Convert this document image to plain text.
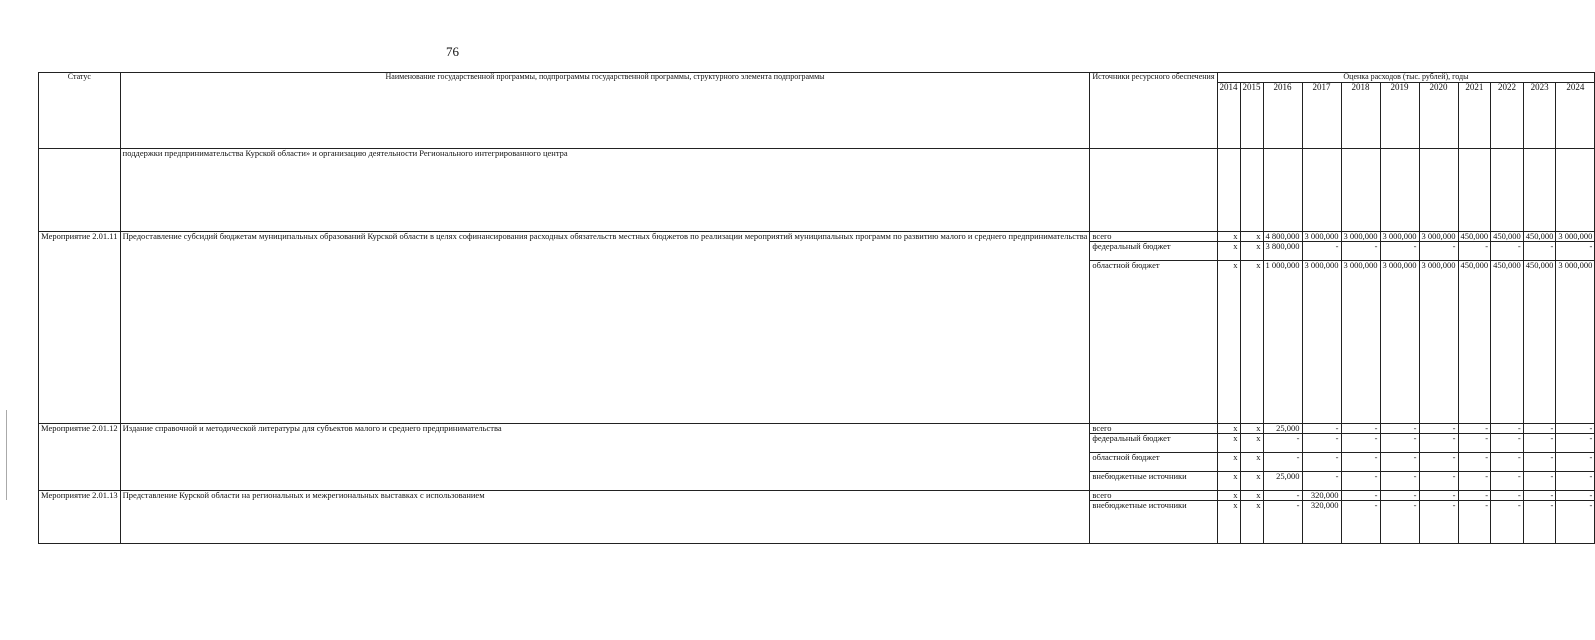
76
Статус	Наименование государственной программы, подпрограммы государственной программы, структурного элемента подпрограммы	Источники ресурсного обеспечения	Оценка расходов (тыс. рублей), годы										
			2014	2015	2016	2017	2018	2019	2020	2021	2022	2023	2024
	поддержки предпринимательства Курской области» и организацию деятельности Регионального интегрированного центра												
Мероприятие 2.01.11	Предоставление субсидий бюджетам муниципальных образований Курской области в целях софинансирования расходных обязательств местных бюджетов по реализации мероприятий муниципальных программ по развитию малого и среднего предпринимательства	всего	х	х	4 800,000	3 000,000	3 000,000	3 000,000	3 000,000	450,000	450,000	450,000	3 000,000
		федеральный бюджет	х	х	3 800,000	-	-	-	-	-	-	-	-
		областной бюджет	х	х	1 000,000	3 000,000	3 000,000	3 000,000	3 000,000	450,000	450,000	450,000	3 000,000
Мероприятие 2.01.12	Издание справочной и методической литературы для субъектов малого и среднего предпринимательства	всего	х	х	25,000	-	-	-	-	-	-	-	-
		федеральный бюджет	х	х	-	-	-	-	-	-	-	-	-
		областной бюджет	х	х	-	-	-	-	-	-	-	-	-
		внебюджетные источники	х	х	25,000	-	-	-	-	-	-	-	-
Мероприятие 2.01.13	Представление Курской области на региональных и межрегиональных выставках с использованием	всего	х	х	-	320,000	-	-	-	-	-	-	-
		внебюджетные источники	х	х	-	320,000	-	-	-	-	-	-	-
